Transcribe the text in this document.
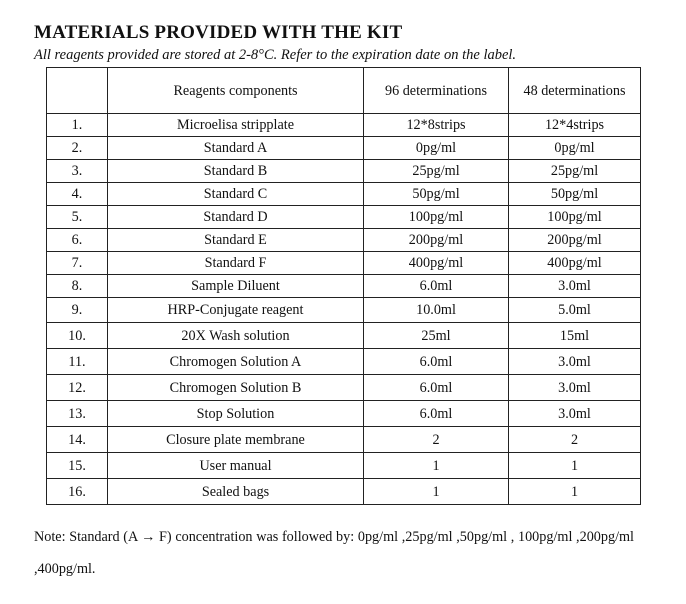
MATERIALS PROVIDED WITH THE KIT
All reagents provided are stored at 2-8°C. Refer to the expiration date on the label.
	Reagents components	96 determinations	48 determinations
1.	Microelisa stripplate	12*8strips	12*4strips
2.	Standard A	0pg/ml	0pg/ml
3.	Standard B	25pg/ml	25pg/ml
4.	Standard C	50pg/ml	50pg/ml
5.	Standard D	100pg/ml	100pg/ml
6.	Standard E	200pg/ml	200pg/ml
7.	Standard F	400pg/ml	400pg/ml
8.	Sample Diluent	6.0ml	3.0ml
9.	HRP-Conjugate reagent	10.0ml	5.0ml
10.	20X Wash solution	25ml	15ml
11.	Chromogen Solution A	6.0ml	3.0ml
12.	Chromogen Solution B	6.0ml	3.0ml
13.	Stop Solution	6.0ml	3.0ml
14.	Closure plate membrane	2	2
15.	User manual	1	1
16.	Sealed bags	1	1
Note: Standard (A → F) concentration was followed by: 0pg/ml ,25pg/ml ,50pg/ml , 100pg/ml ,200pg/ml ,400pg/ml.
